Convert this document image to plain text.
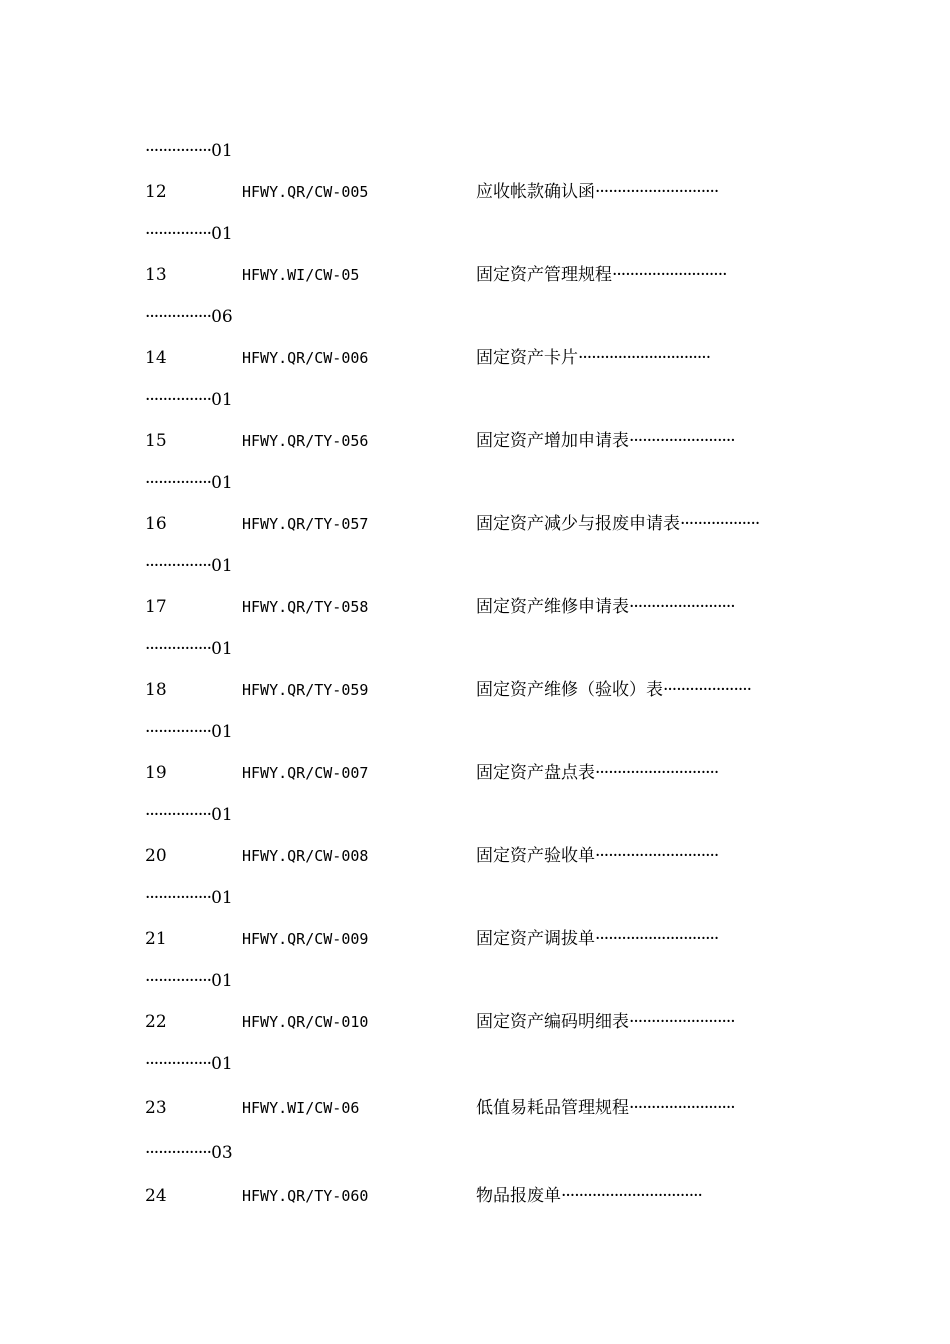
···············01
12	HFWY.QR/CW-005	应收帐款确认函····························
···············01
13	HFWY.WI/CW-05	固定资产管理规程··························
···············06
14	HFWY.QR/CW-006	固定资产卡片······························
···············01
15	HFWY.QR/TY-056	固定资产增加申请表························
···············01
16	HFWY.QR/TY-057	固定资产减少与报废申请表··················
···············01
17	HFWY.QR/TY-058	固定资产维修申请表························
···············01
18	HFWY.QR/TY-059	固定资产维修（验收）表····················
···············01
19	HFWY.QR/CW-007	固定资产盘点表····························
···············01
20	HFWY.QR/CW-008	固定资产验收单····························
···············01
21	HFWY.QR/CW-009	固定资产调拔单····························
···············01
22	HFWY.QR/CW-010	固定资产编码明细表························
···············01
23	HFWY.WI/CW-06	低值易耗品管理规程························
···············03
24	HFWY.QR/TY-060	物品报废单································
